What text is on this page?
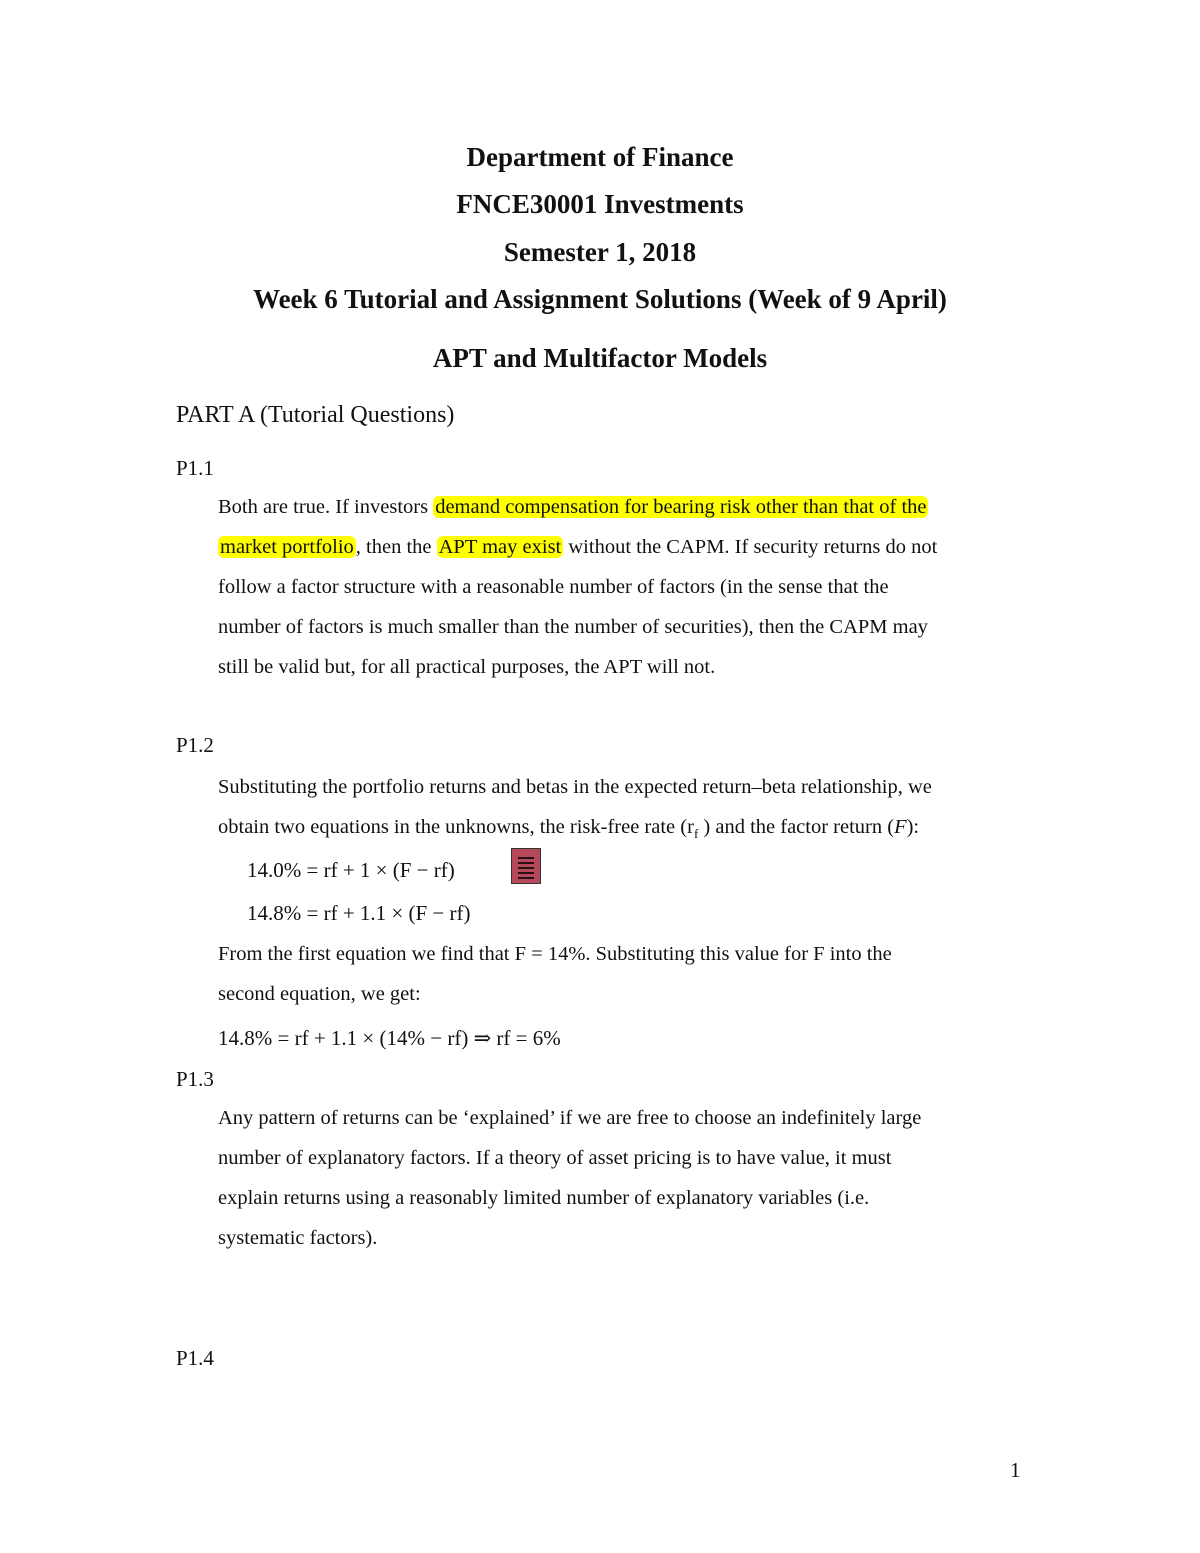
Department of Finance
FNCE30001 Investments
Semester 1, 2018
Week 6 Tutorial and Assignment Solutions (Week of 9 April)
APT and Multifactor Models
PART A (Tutorial Questions)
P1.1
Both are true. If investors demand compensation for bearing risk other than that of the
market portfolio, then the APT may exist without the CAPM. If security returns do not
follow a factor structure with a reasonable number of factors (in the sense that the
number of factors is much smaller than the number of securities), then the CAPM may
still be valid but, for all practical purposes, the APT will not.
P1.2
Substituting the portfolio returns and betas in the expected return–beta relationship, we
obtain two equations in the unknowns, the risk-free rate ($r_f$ ) and the factor return (F):
14.0% = rf + 1 × (F − rf)
14.8% = rf + 1.1 × (F − rf)
From the first equation we find that F = 14%. Substituting this value for F into the
second equation, we get:
14.8% = rf + 1.1 × (14% − rf) ⇒ rf = 6%
P1.3
Any pattern of returns can be ‘explained’ if we are free to choose an indefinitely large
number of explanatory factors. If a theory of asset pricing is to have value, it must
explain returns using a reasonably limited number of explanatory variables (i.e.
systematic factors).
P1.4
1
